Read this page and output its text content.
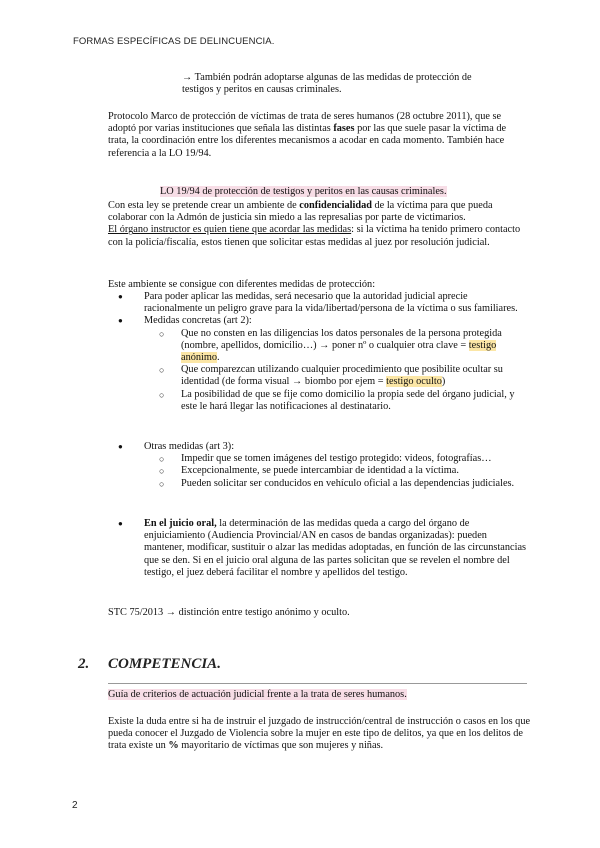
FORMAS ESPECÍFICAS DE DELINCUENCIA.
→ También podrán adoptarse algunas de las medidas de protección de testigos y peritos en causas criminales.
Protocolo Marco de protección de víctimas de trata de seres humanos (28 octubre 2011), que se adoptó por varias instituciones que señala las distintas fases por las que suele pasar la víctima de trata, la coordinación entre los diferentes mecanismos a acodar en cada momento. También hace referencia a la LO 19/94.
LO 19/94 de protección de testigos y peritos en las causas criminales.
Con esta ley se pretende crear un ambiente de confidencialidad de la víctima para que pueda colaborar con la Admón de justicia sin miedo a las represalias por parte de victimarios.
El órgano instructor es quien tiene que acordar las medidas: si la víctima ha tenido primero contacto con la policía/fiscalía, estos tienen que solicitar estas medidas al juez por resolución judicial.
Este ambiente se consigue con diferentes medidas de protección:
● Para poder aplicar las medidas, será necesario que la autoridad judicial aprecie racionalmente un peligro grave para la vida/libertad/persona de la víctima o sus familiares.
● Medidas concretas (art 2):
○ Que no consten en las diligencias los datos personales de la persona protegida (nombre, apellidos, domicilio…) → poner nº o cualquier otra clave = testigo anónimo.
○ Que comparezcan utilizando cualquier procedimiento que posibilite ocultar su identidad (de forma visual → biombo por ejem = testigo oculto)
○ La posibilidad de que se fije como domicilio la propia sede del órgano judicial, y este le hará llegar las notificaciones al destinatario.
● Otras medidas (art 3):
○ Impedir que se tomen imágenes del testigo protegido: videos, fotografías…
○ Excepcionalmente, se puede intercambiar de identidad a la víctima.
○ Pueden solicitar ser conducidos en vehículo oficial a las dependencias judiciales.
● En el juicio oral, la determinación de las medidas queda a cargo del órgano de enjuiciamiento (Audiencia Provincial/AN en casos de bandas organizadas): pueden mantener, modificar, sustituir o alzar las medidas adoptadas, en función de las circunstancias que se den. Si en el juicio oral alguna de las partes solicitan que se revelen el nombre del testigo, el juez deberá facilitar el nombre y apellidos del testigo.
STC 75/2013 → distinción entre testigo anónimo y oculto.
2. COMPETENCIA.
Guía de criterios de actuación judicial frente a la trata de seres humanos.
Existe la duda entre si ha de instruir el juzgado de instrucción/central de instrucción o casos en los que pueda conocer el Juzgado de Violencia sobre la mujer en este tipo de delitos, ya que en los delitos de trata existe un % mayoritario de víctimas que son mujeres y niñas.
2
